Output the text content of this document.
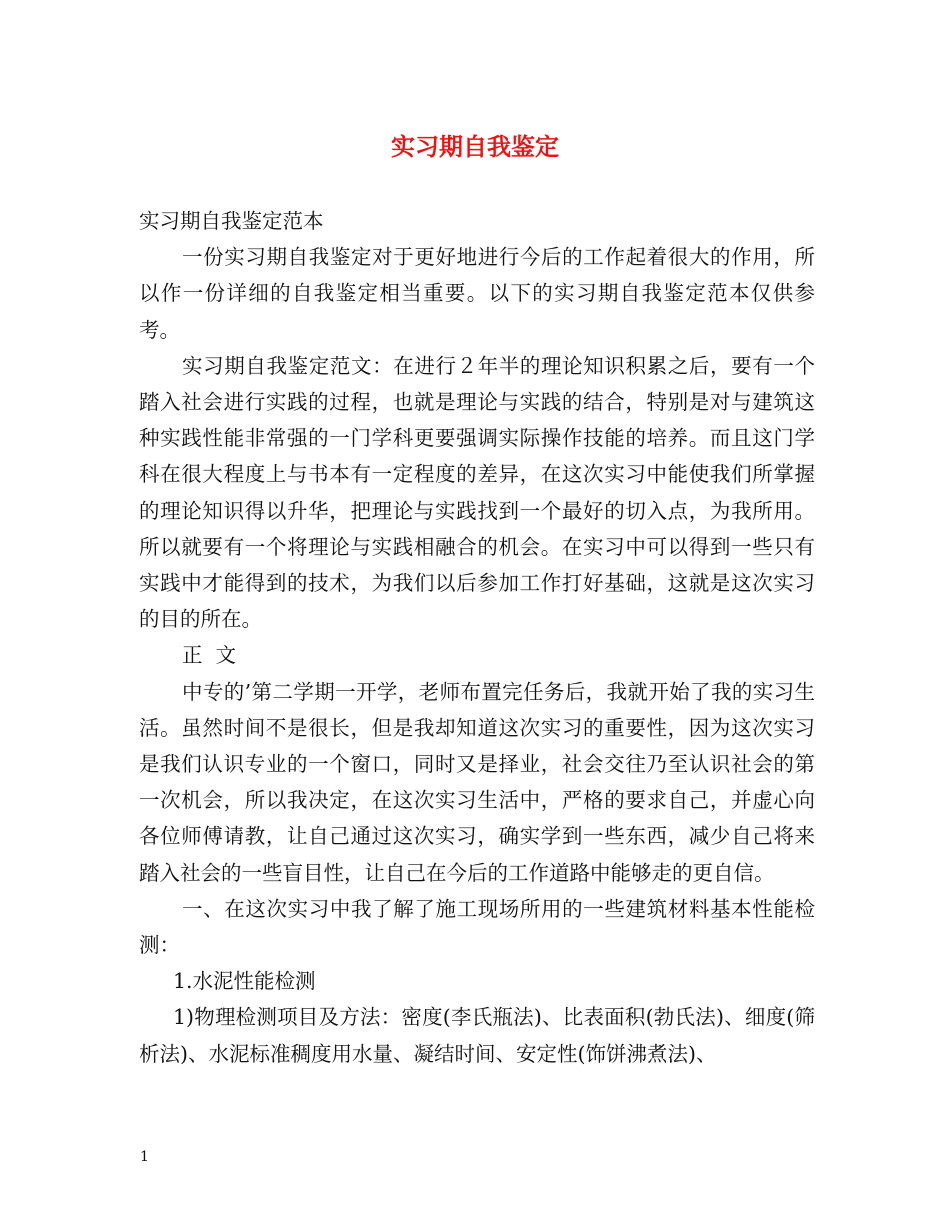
实习期自我鉴定

实习期自我鉴定范本

一份实习期自我鉴定对于更好地进行今后的工作起着很大的作用，所以作一份详细的自我鉴定相当重要。以下的实习期自我鉴定范本仅供参考。

实习期自我鉴定范文：在进行２年半的理论知识积累之后，要有一个踏入社会进行实践的过程，也就是理论与实践的结合，特别是对与建筑这种实践性能非常强的一门学科更要强调实际操作技能的培养。而且这门学科在很大程度上与书本有一定程度的差异，在这次实习中能使我们所掌握的理论知识得以升华，把理论与实践找到一个最好的切入点，为我所用。所以就要有一个将理论与实践相融合的机会。在实习中可以得到一些只有实践中才能得到的技术，为我们以后参加工作打好基础，这就是这次实习的目的所在。

正  文

中专的’第二学期一开学，老师布置完任务后，我就开始了我的实习生活。虽然时间不是很长，但是我却知道这次实习的重要性，因为这次实习是我们认识专业的一个窗口，同时又是择业，社会交往乃至认识社会的第一次机会，所以我决定，在这次实习生活中，严格的要求自己，并虚心向各位师傅请教，让自己通过这次实习，确实学到一些东西，减少自己将来踏入社会的一些盲目性，让自己在今后的工作道路中能够走的更自信。

一、在这次实习中我了解了施工现场所用的一些建筑材料基本性能检测：

1.水泥性能检测

1)物理检测项目及方法：密度(李氏瓶法)、比表面积(勃氏法)、细度(筛析法)、水泥标准稠度用水量、凝结时间、安定性(饰饼沸煮法)、

1
